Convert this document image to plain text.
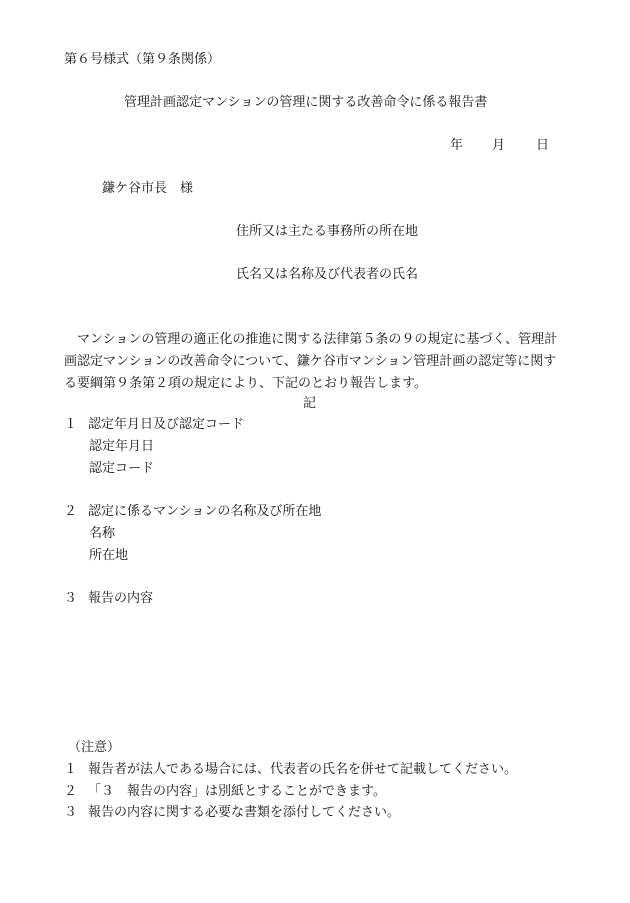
第６号様式（第９条関係）
管理計画認定マンションの管理に関する改善命令に係る報告書
年 月 日
鎌ケ谷市長 様
住所又は主たる事務所の所在地
氏名又は名称及び代表者の氏名
マンションの管理の適正化の推進に関する法律第５条の９の規定に基づく、管理計画認定マンションの改善命令について、鎌ケ谷市マンション管理計画の認定等に関する要綱第９条第２項の規定により、下記のとおり報告します。
記
１ 認定年月日及び認定コード
認定年月日
認定コード
２ 認定に係るマンションの名称及び所在地
名称
所在地
３ 報告の内容
（注意）
１ 報告者が法人である場合には、代表者の氏名を併せて記載してください。
２ 「３　報告の内容」は別紙とすることができます。
３ 報告の内容に関する必要な書類を添付してください。
